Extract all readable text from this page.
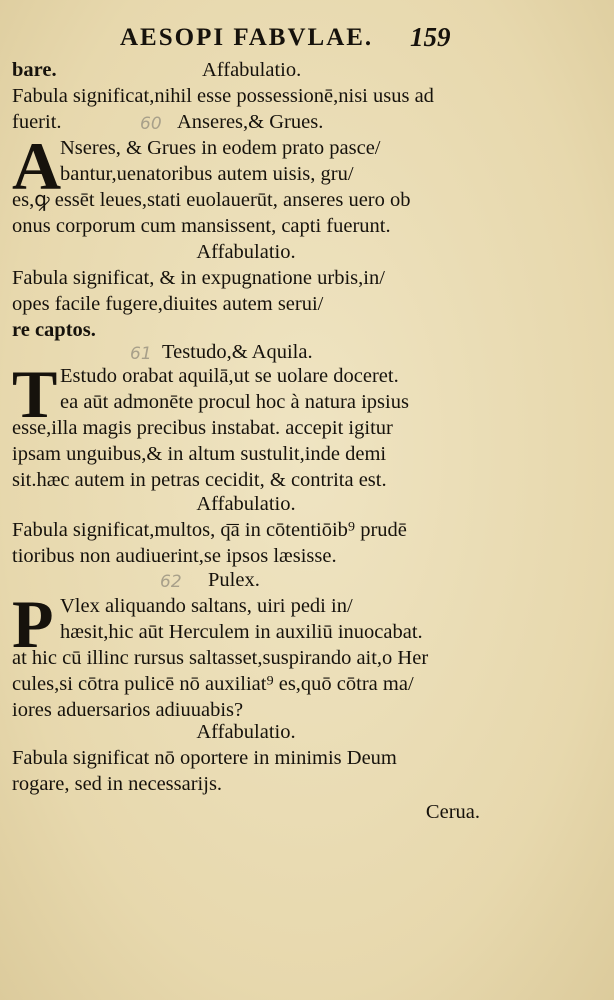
AESOPI FABVLAE. 159
bare.	Affabulatio.
Fabula significat,nihil esse possessionē,nisi usus ad
fuerit.	60 Anseres,& Grues.
A
Nseres, & Grues in eodem prato pasce/
bantur,uenatoribus autem uisis, gru/
es,ꝙ essēt leues,stati euolauerūt, anseres uero ob
onus corporum cum mansissent, capti fuerunt.
Affabulatio.
Fabula significat, & in expugnatione urbis,in/
opes facile fugere,diuites autem serui/
re captos.
61 Testudo,& Aquila.
T Estudo orabat aquilā,ut se uolare doceret.
ea aūt admonēte procul hoc à natura ipsius
esse,illa magis precibus instabat. accepit igitur
ipsam unguibus,& in altum sustulit,inde demi
sit.hæc autem in petras cecidit, & contrita est.
Affabulatio.
Fabula significat,multos, q͞a in cōtentiōib⁹ prudē
tioribus non audiuerint,se ipsos læsisse.
62 Pulex.
P Vlex aliquando saltans, uiri pedi in/
hæsit,hic aūt Herculem in auxiliū inuocabat.
at hic cū illinc rursus saltasset,suspirando ait,o Her
cules,si cōtra pulicē nō auxiliat⁹ es,quō cōtra ma/
iores aduersarios adiuuabis?
Affabulatio.
Fabula significat nō oportere in minimis Deum
rogare, sed in necessarijs.
Cerua.
